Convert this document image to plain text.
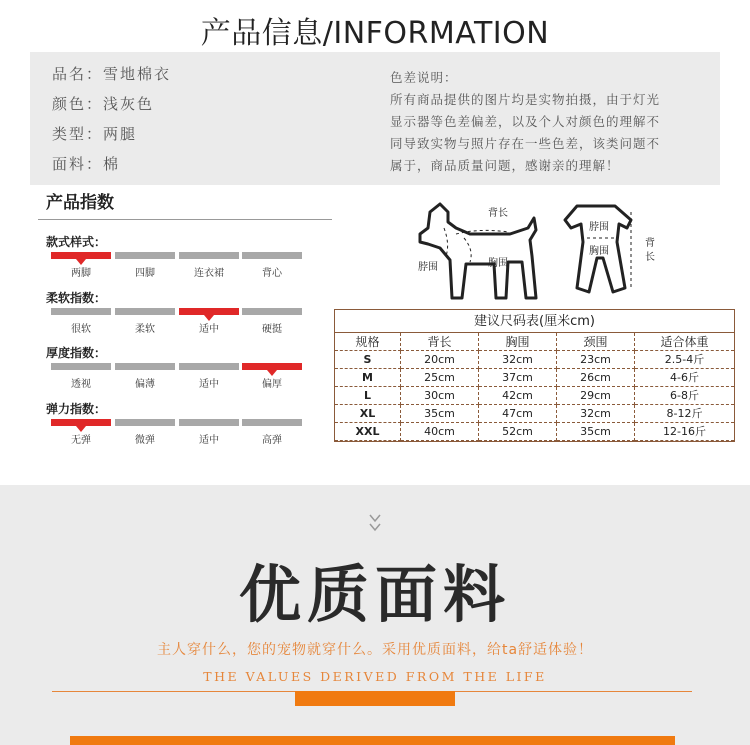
产品信息/INFORMATION
品名：雪地棉衣
颜色：浅灰色
类型：两腿
面料：棉
色差说明：
所有商品提供的图片均是实物拍摄，由于灯光
显示器等色差偏差，以及个人对颜色的理解不
同导致实物与照片存在一些色差，该类问题不
属于，商品质量问题，感谢亲的理解！
产品指数
款式样式：
两脚	四脚	连衣裙	背心
柔软指数：
很软	柔软	适中	硬挺
厚度指数：
透视	偏薄	适中	偏厚
弹力指数：
无弹	微弹	适中	高弹
背长
脖围	胸围
脖围
胸围
背
长
建议尺码表(厘米cm)
规格	背长	胸围	颈围	适合体重
S	20cm	32cm	23cm	2.5-4斤
M	25cm	37cm	26cm	4-6斤
L	30cm	42cm	29cm	6-8斤
XL	35cm	47cm	32cm	8-12斤
XXL	40cm	52cm	35cm	12-16斤
优质面料
主人穿什么，您的宠物就穿什么。采用优质面料，给ta舒适体验！
THE VALUES DERIVED FROM THE LIFE
